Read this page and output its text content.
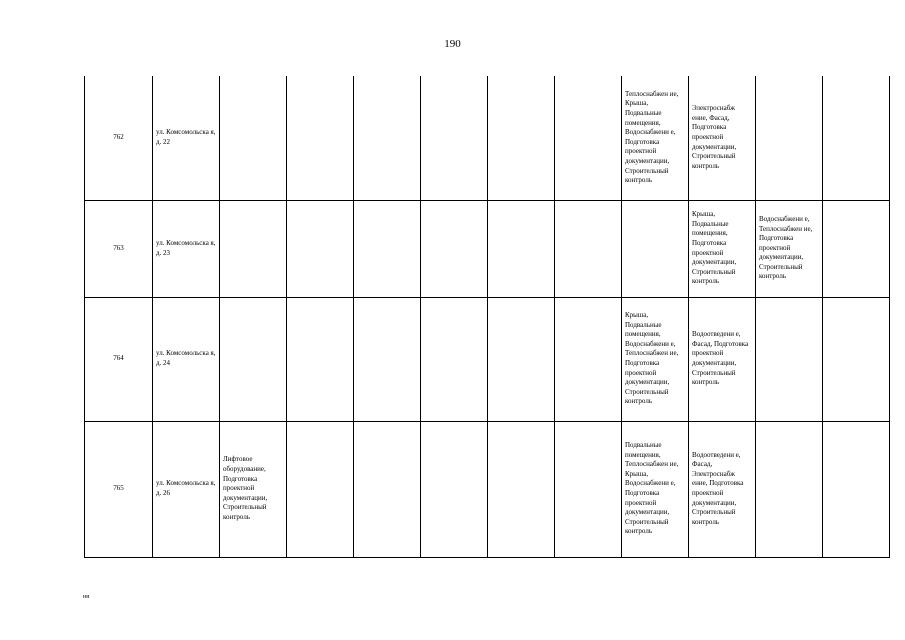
190
762	ул. Комсомольска я, д. 22							Теплоснабжен ие, Крыша, Подвальные помещения, Водоснабжени е, Подготовка проектной документации, Строительный контроль	Электроснабж ение, Фасад, Подготовка проектной документации, Строительный контроль		
763	ул. Комсомольска я, д. 23								Крыша, Подвальные помещения, Подготовка проектной документации, Строительный контроль	Водоснабжени е, Теплоснабжен ие, Подготовка проектной документации, Строительный контроль	
764	ул. Комсомольска я, д. 24							Крыша, Подвальные помещения, Водоснабжени е, Теплоснабжен ие, Подготовка проектной документации, Строительный контроль	Водоотведени е, Фасад, Подготовка проектной документации, Строительный контроль		
765	ул. Комсомольска я, д. 26	Лифтовое оборудование, Подготовка проектной документации, Строительный контроль						Подвальные помещения, Теплоснабжен ие, Крыша, Водоснабжени е, Подготовка проектной документации, Строительный контроль	Водоотведени е, Фасад, Электроснабж ение, Подготовка проектной документации, Строительный контроль		
нн
